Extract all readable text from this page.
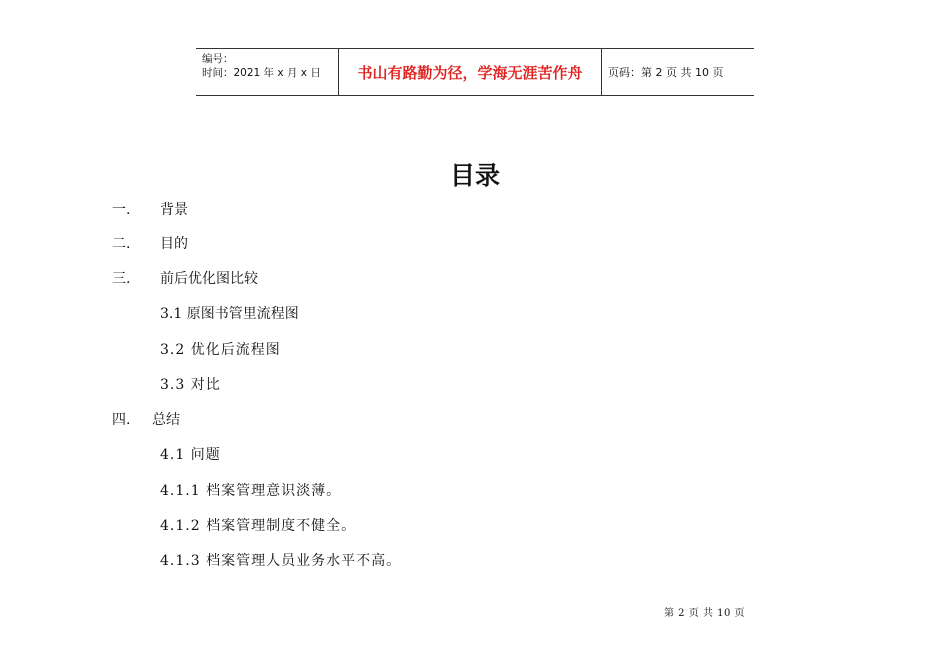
编号：
时间：2021 年 x 月 x 日	书山有路勤为径，学海无涯苦作舟	页码：第 2 页 共 10 页
目录
一. 背景
二. 目的
三. 前后优化图比较
3.1 原图书管里流程图
3.2 优化后流程图
3.3 对比
四. 总结
4.1 问题
4.1.1 档案管理意识淡薄。
4.1.2 档案管理制度不健全。
4.1.3 档案管理人员业务水平不高。
第 2 页 共 10 页
